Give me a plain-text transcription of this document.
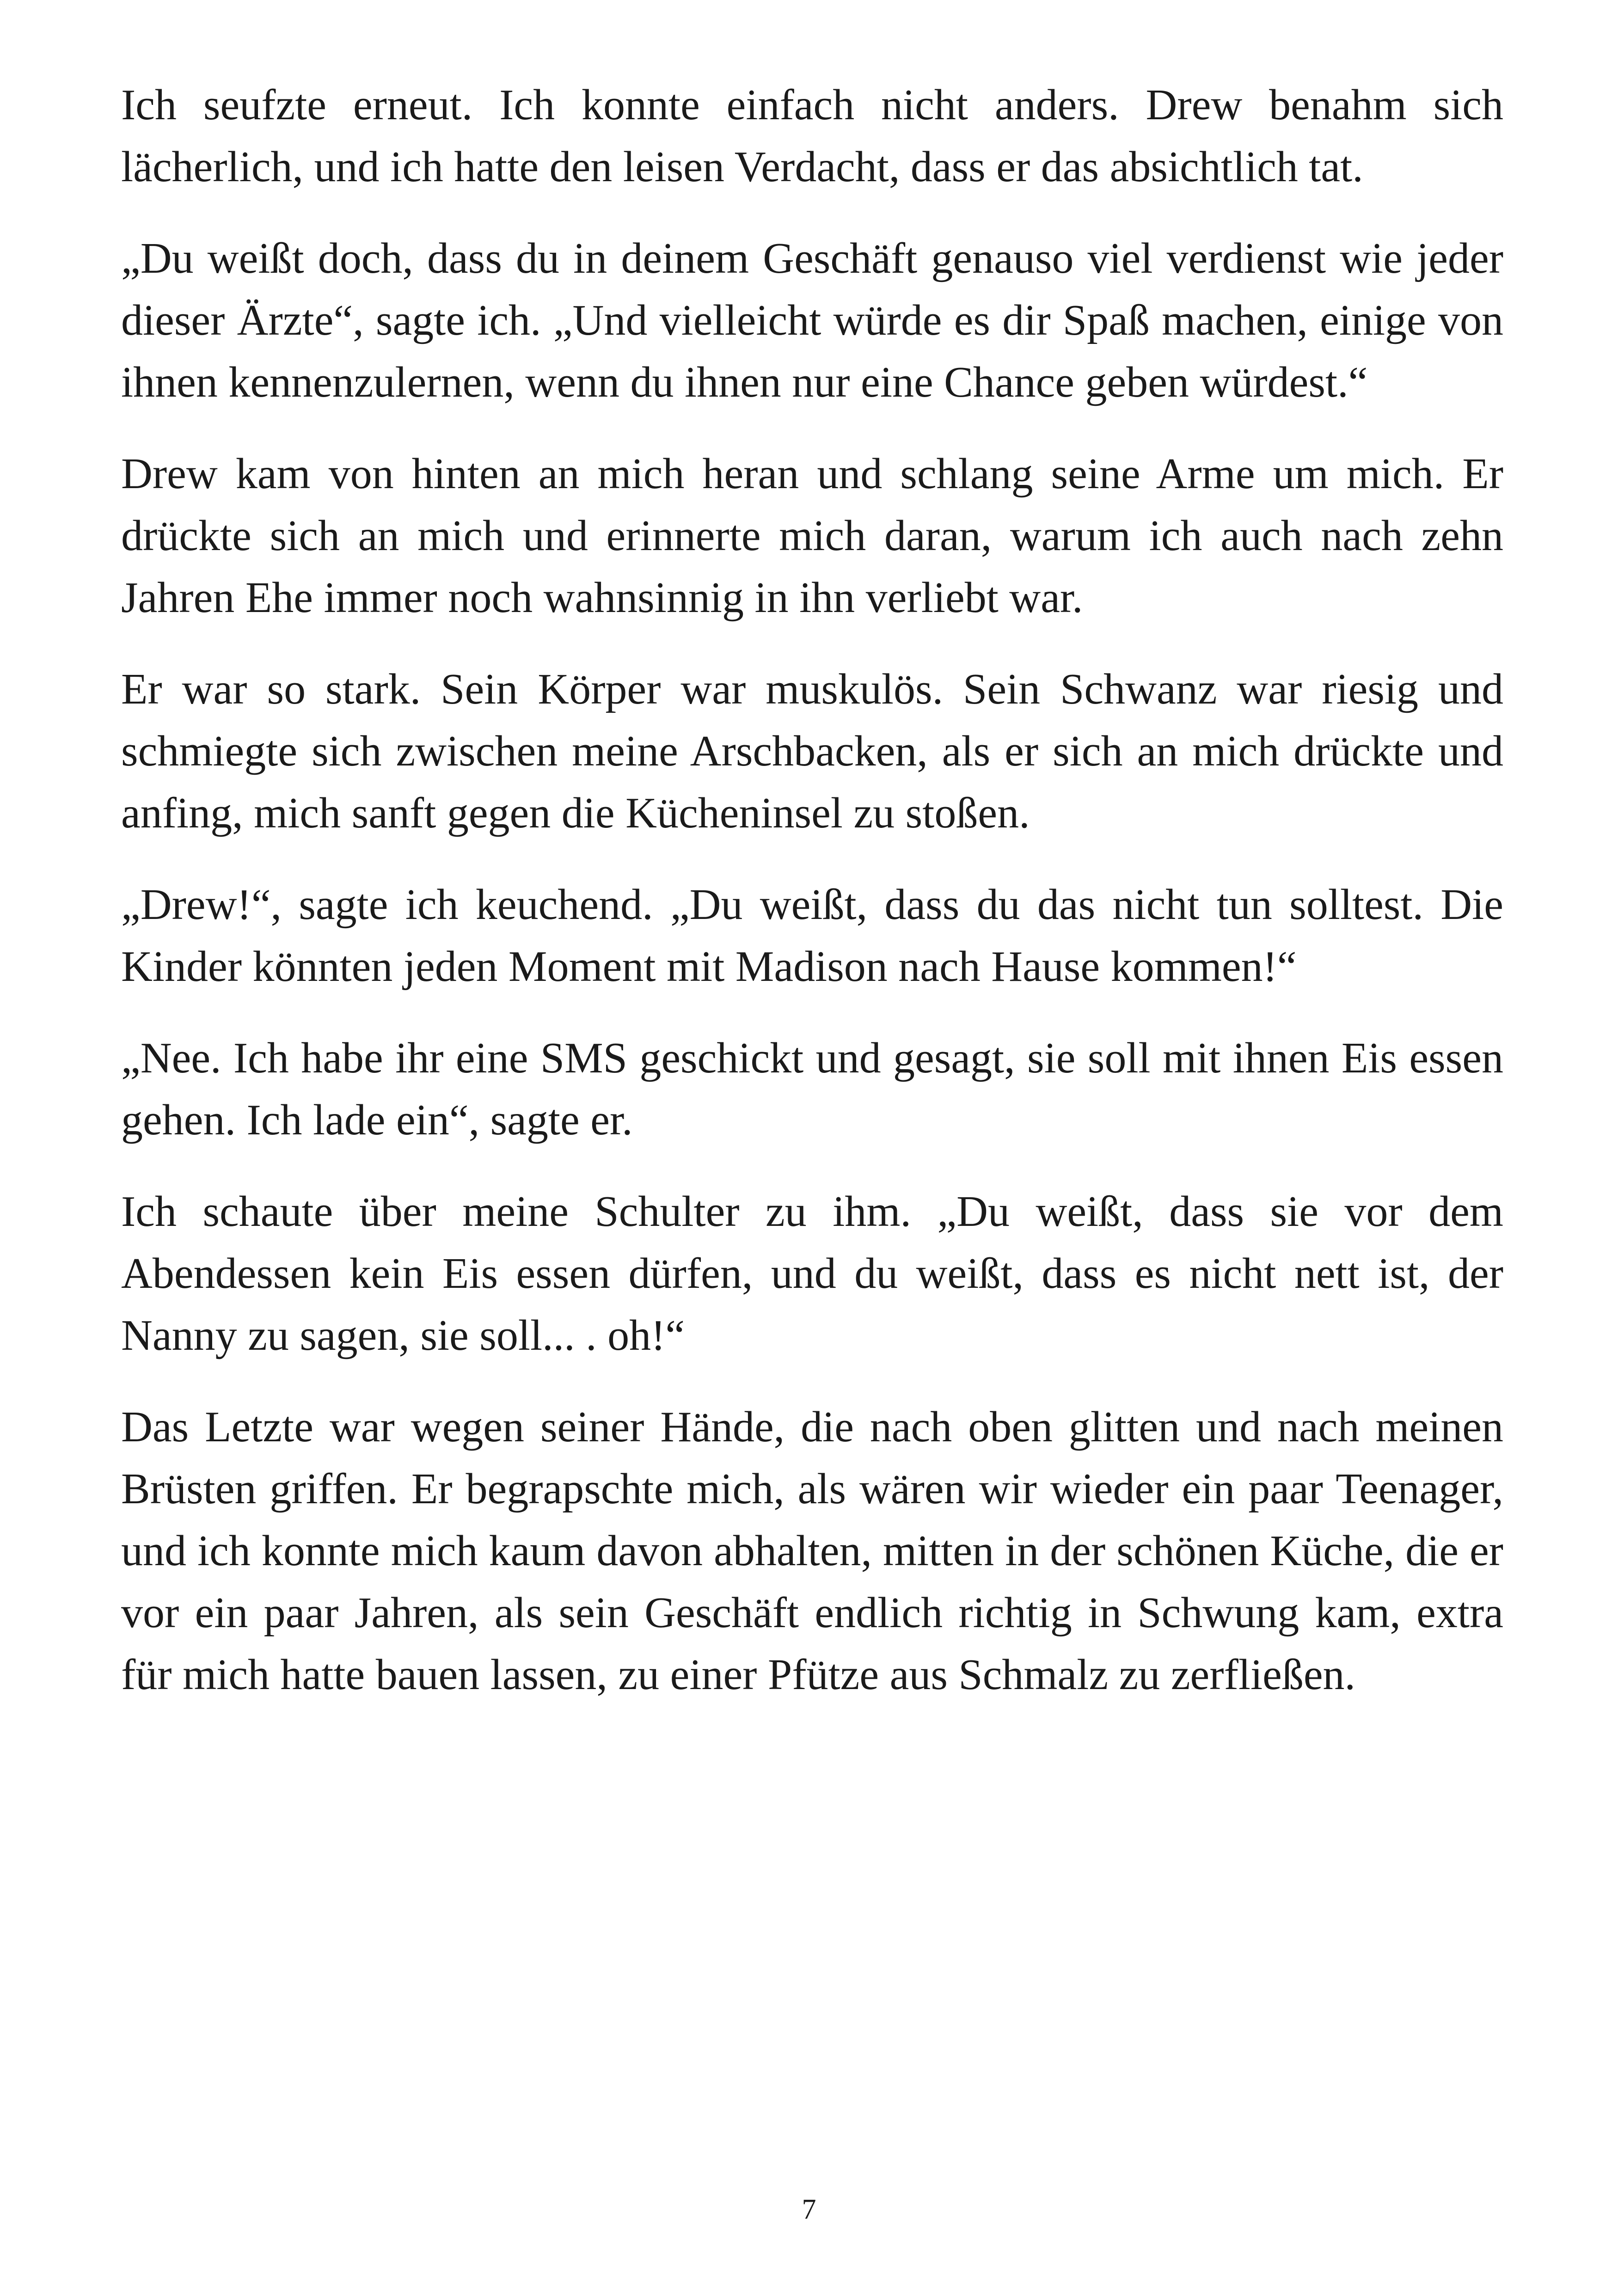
Ich seufzte erneut. Ich konnte einfach nicht anders. Drew benahm sich lächerlich, und ich hatte den leisen Verdacht, dass er das absichtlich tat.

„Du weißt doch, dass du in deinem Geschäft genauso viel verdienst wie jeder dieser Ärzte“, sagte ich. „Und vielleicht würde es dir Spaß machen, einige von ihnen kennenzulernen, wenn du ihnen nur eine Chance geben würdest.“

Drew kam von hinten an mich heran und schlang seine Arme um mich. Er drückte sich an mich und erinnerte mich daran, warum ich auch nach zehn Jahren Ehe immer noch wahnsinnig in ihn verliebt war.

Er war so stark. Sein Körper war muskulös. Sein Schwanz war riesig und schmiegte sich zwischen meine Arschbacken, als er sich an mich drückte und anfing, mich sanft gegen die Kücheninsel zu stoßen.

„Drew!“, sagte ich keuchend. „Du weißt, dass du das nicht tun solltest. Die Kinder könnten jeden Moment mit Madison nach Hause kommen!“

„Nee. Ich habe ihr eine SMS geschickt und gesagt, sie soll mit ihnen Eis essen gehen. Ich lade ein“, sagte er.

Ich schaute über meine Schulter zu ihm. „Du weißt, dass sie vor dem Abendessen kein Eis essen dürfen, und du weißt, dass es nicht nett ist, der Nanny zu sagen, sie soll... . oh!“

Das Letzte war wegen seiner Hände, die nach oben glitten und nach meinen Brüsten griffen. Er begrapschte mich, als wären wir wieder ein paar Teenager, und ich konnte mich kaum davon abhalten, mitten in der schönen Küche, die er vor ein paar Jahren, als sein Geschäft endlich richtig in Schwung kam, extra für mich hatte bauen lassen, zu einer Pfütze aus Schmalz zu zerfließen.

7
